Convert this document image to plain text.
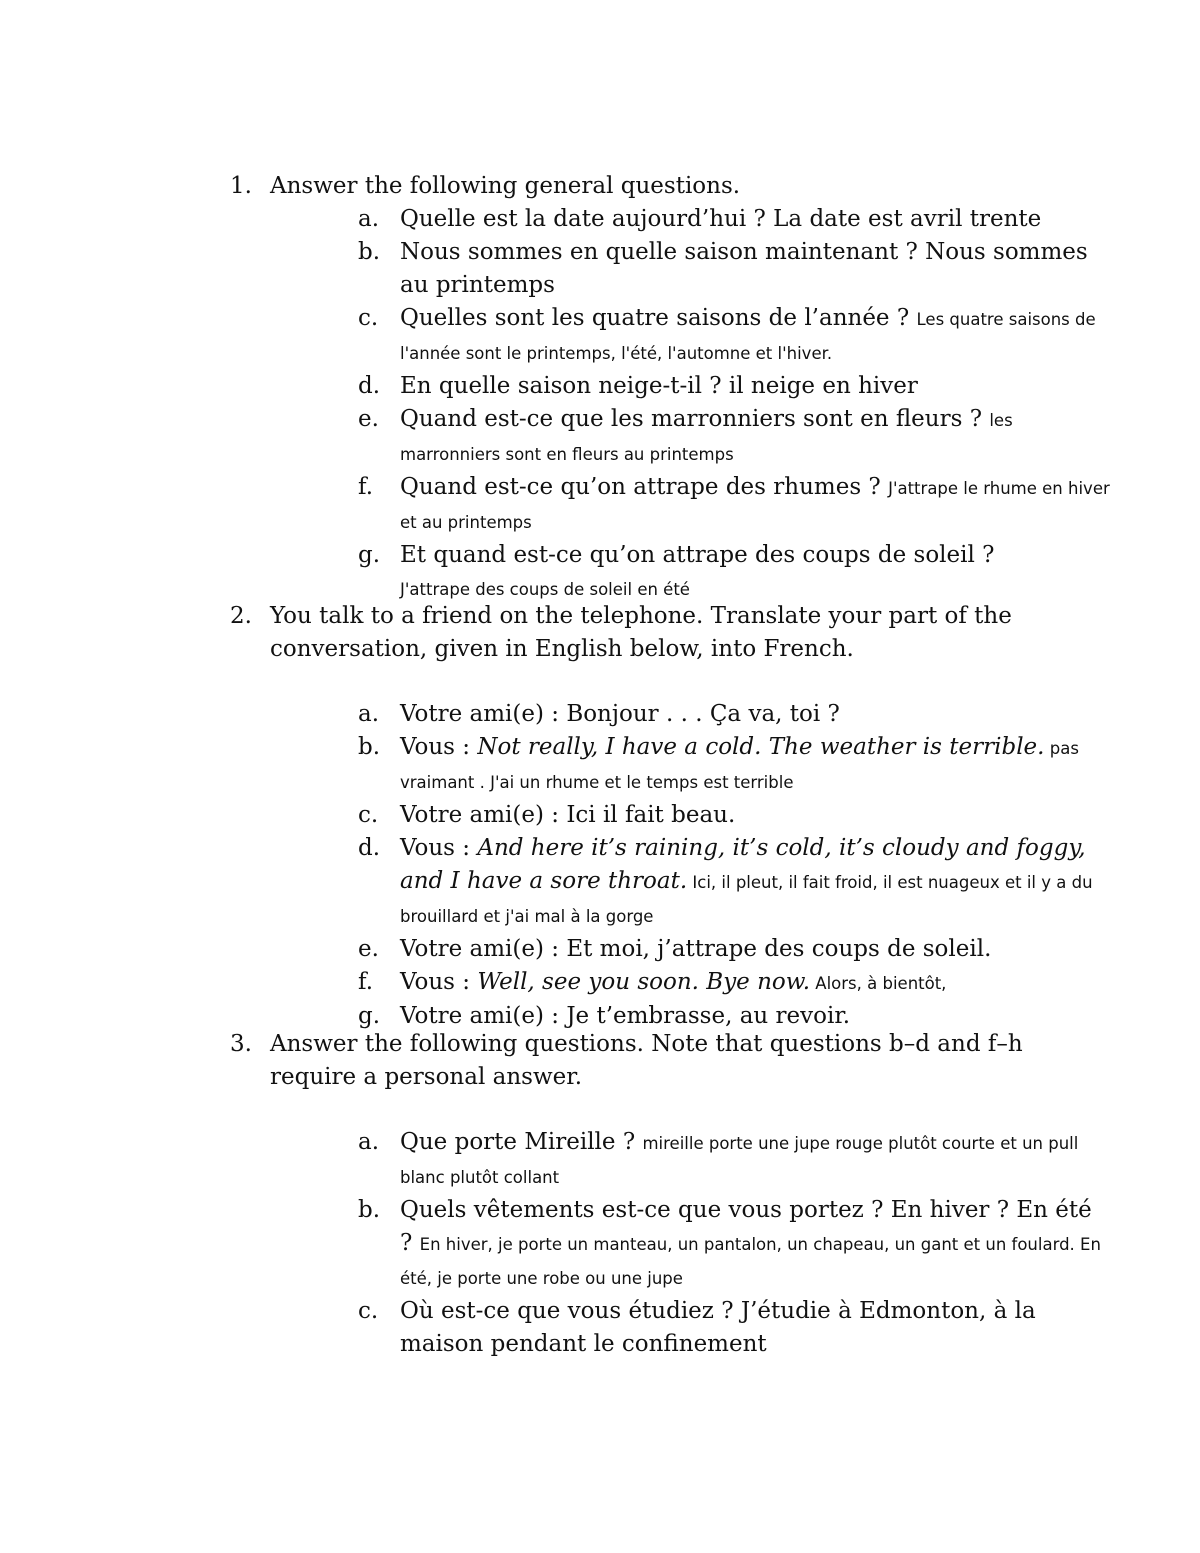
1. Answer the following general questions.
a. Quelle est la date aujourd’hui ? La date est avril trente
b. Nous sommes en quelle saison maintenant ? Nous sommes au printemps
c. Quelles sont les quatre saisons de l’année ? Les quatre saisons de l'année sont le printemps, l'été, l'automne et l'hiver.
d. En quelle saison neige-t-il ? il neige en hiver
e. Quand est-ce que les marronniers sont en fleurs ? les marronniers sont en fleurs au printemps
f.	Quand est-ce qu’on attrape des rhumes ? J'attrape le rhume en hiver et au printemps
g. Et quand est-ce qu’on attrape des coups de soleil ?
J'attrape des coups de soleil en été
2. You talk to a friend on the telephone. Translate your part of the conversation, given in English below, into French.
a. Votre ami(e) : Bonjour . . . Ça va, toi ?
b. Vous : Not really, I have a cold. The weather is terrible. pas vraimant . J'ai un rhume et le temps est terrible
c. Votre ami(e) : Ici il fait beau.
d. Vous : And here it’s raining, it’s cold, it’s cloudy and foggy, and I have a sore throat. Ici, il pleut, il fait froid, il est nuageux et il y a du brouillard et j'ai mal à la gorge
e. Votre ami(e) : Et moi, j’attrape des coups de soleil.
f.	Vous : Well, see you soon. Bye now. Alors, à bientôt,
g. Votre ami(e) : Je t’embrasse, au revoir.
3. Answer the following questions. Note that questions b–d and f–h require a personal answer.
a. Que porte Mireille ? mireille porte une jupe rouge plutôt courte et un pull blanc plutôt collant
b. Quels vêtements est-ce que vous portez ? En hiver ? En été ? En hiver, je porte un manteau, un pantalon, un chapeau, un gant et un foulard. En été, je porte une robe ou une jupe
c. Où est-ce que vous étudiez ? J’étudie à Edmonton, à la maison pendant le confinement
